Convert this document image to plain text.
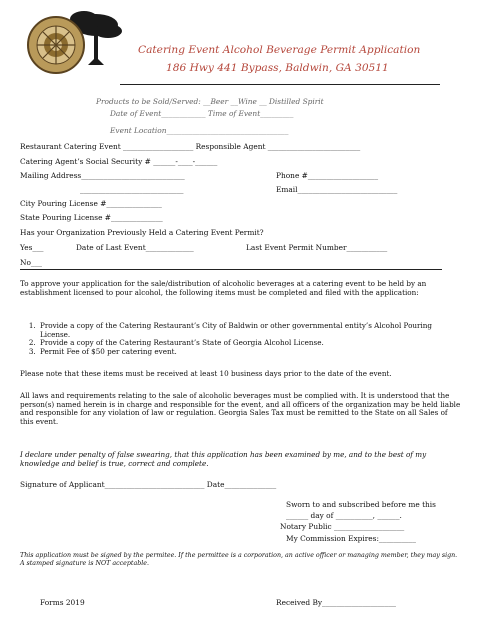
Catering Event Alcohol Beverage Permit Application
186 Hwy 441 Bypass, Baldwin, GA 30511
Products to be Sold/Served: __Beer __Wine __ Distilled Spirit
Date of Event____________ Time of Event_________
Event Location_________________________________
Restaurant Catering Event ___________________ Responsible Agent _________________________
Catering Agent’s Social Security # ______-____-______
Mailing Address____________________________	Phone #___________________
____________________________	Email___________________________
City Pouring License #_______________
State Pouring License #______________
Has your Organization Previously Held a Catering Event Permit?
Yes___	Date of Last Event_____________	Last Event Permit Number___________
No___
To approve your application for the sale/distribution of alcoholic beverages at a catering event to be held by an establishment licensed to pour alcohol, the following items must be completed and filed with the application:
1. Provide a copy of the Catering Restaurant’s City of Baldwin or other governmental entity’s Alcohol Pouring License.
2. Provide a copy of the Catering Restaurant’s State of Georgia Alcohol License.
3. Permit Fee of $50 per catering event.
Please note that these items must be received at least 10 business days prior to the date of the event.
All laws and requirements relating to the sale of alcoholic beverages must be complied with. It is understood that the person(s) named herein is in charge and responsible for the event, and all officers of the organization may be held liable and responsible for any violation of law or regulation. Georgia Sales Tax must be remitted to the State on all Sales of this event.
I declare under penalty of false swearing, that this application has been examined by me, and to the best of my knowledge and belief is true, correct and complete.
Signature of Applicant___________________________ Date______________
Sworn to and subscribed before me this
______ day of __________, ______.
Notary Public ___________________
My Commission Expires:__________
This application must be signed by the permitee. If the permittee is a corporation, an active officer or managing member, they may sign. A stamped signature is NOT acceptable.
Forms 2019	Received By____________________
